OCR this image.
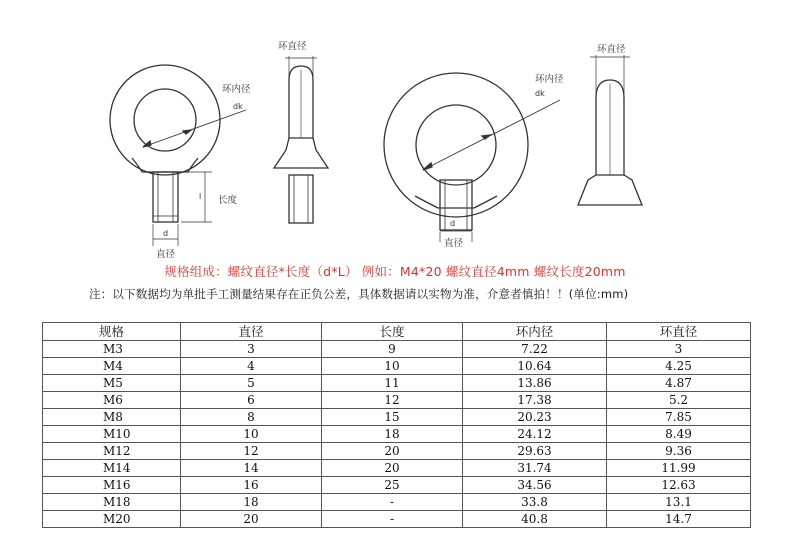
环直径
环内径
dk
长度
l
d
直径
环内径
dk
d
直径
环直径
规格组成：螺纹直径*长度（d*L） 例如：M4*20 螺纹直径4mm 螺纹长度20mm
注：以下数据均为单批手工测量结果存在正负公差，具体数据请以实物为准，介意者慎拍！！(单位:mm)
规格	直径	长度	环内径	环直径
M3	3	9	7.22	3
M4	4	10	10.64	4.25
M5	5	11	13.86	4.87
M6	6	12	17.38	5.2
M8	8	15	20.23	7.85
M10	10	18	24.12	8.49
M12	12	20	29.63	9.36
M14	14	20	31.74	11.99
M16	16	25	34.56	12.63
M18	18	-	33.8	13.1
M20	20	-	40.8	14.7
